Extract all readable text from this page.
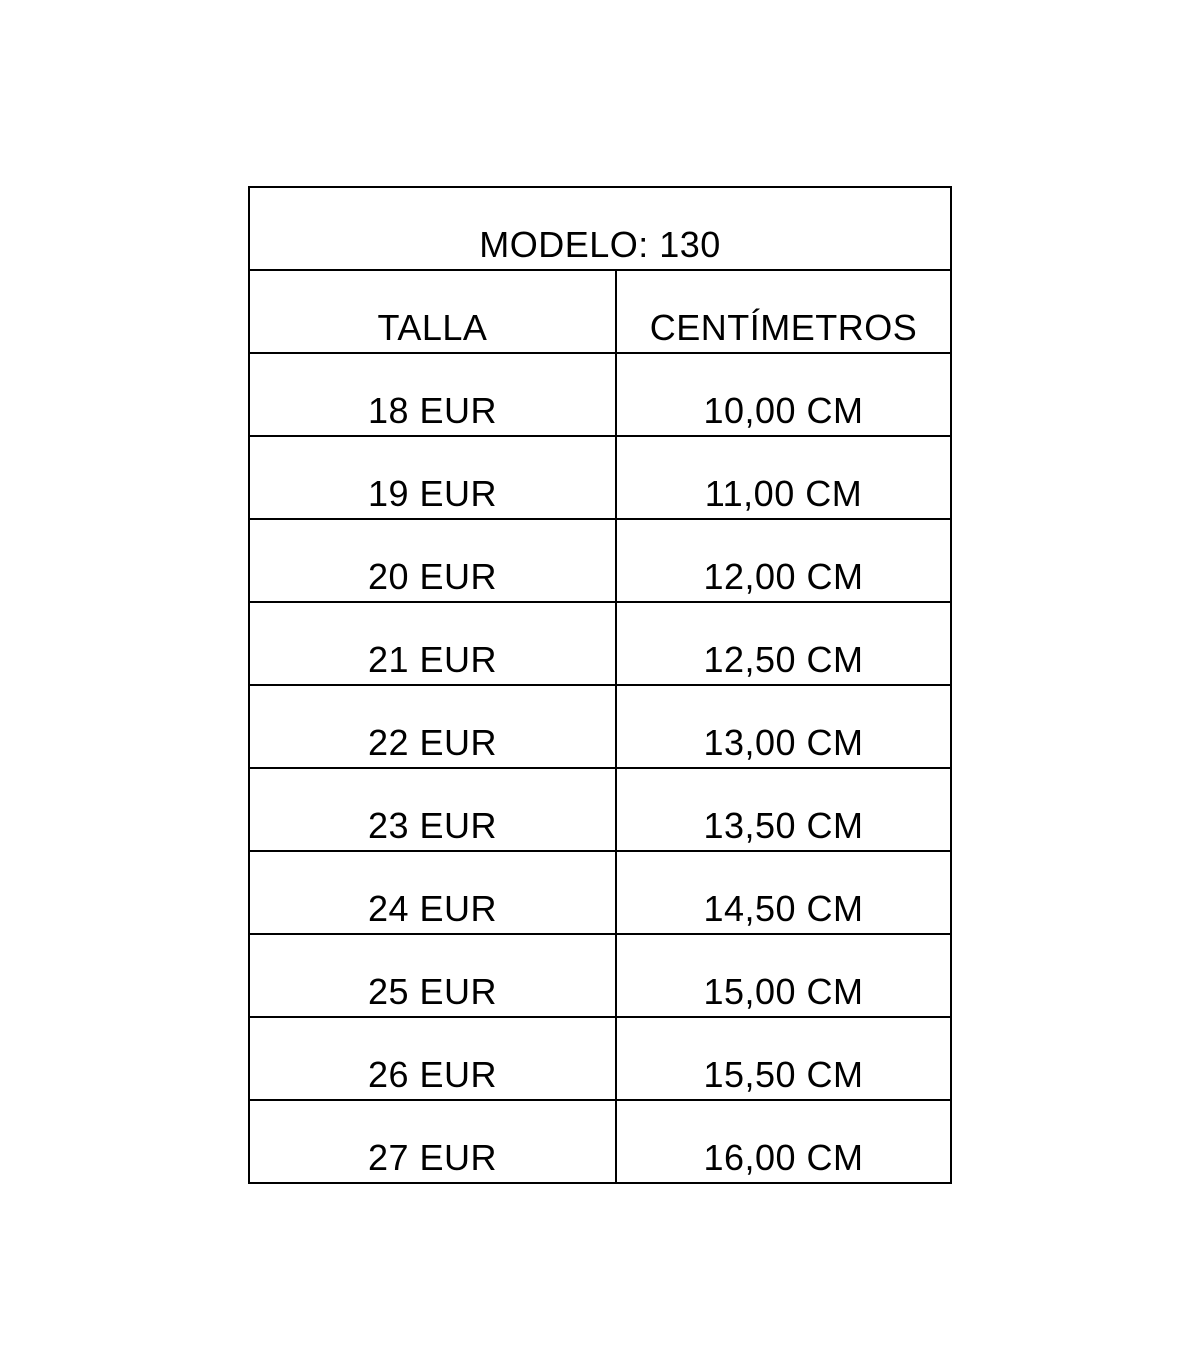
MODELO: 130	
TALLA	CENTÍMETROS
18 EUR	10,00 CM
19 EUR	11,00 CM
20 EUR	12,00 CM
21 EUR	12,50 CM
22 EUR	13,00 CM
23 EUR	13,50 CM
24 EUR	14,50 CM
25 EUR	15,00 CM
26 EUR	15,50 CM
27 EUR	16,00 CM
